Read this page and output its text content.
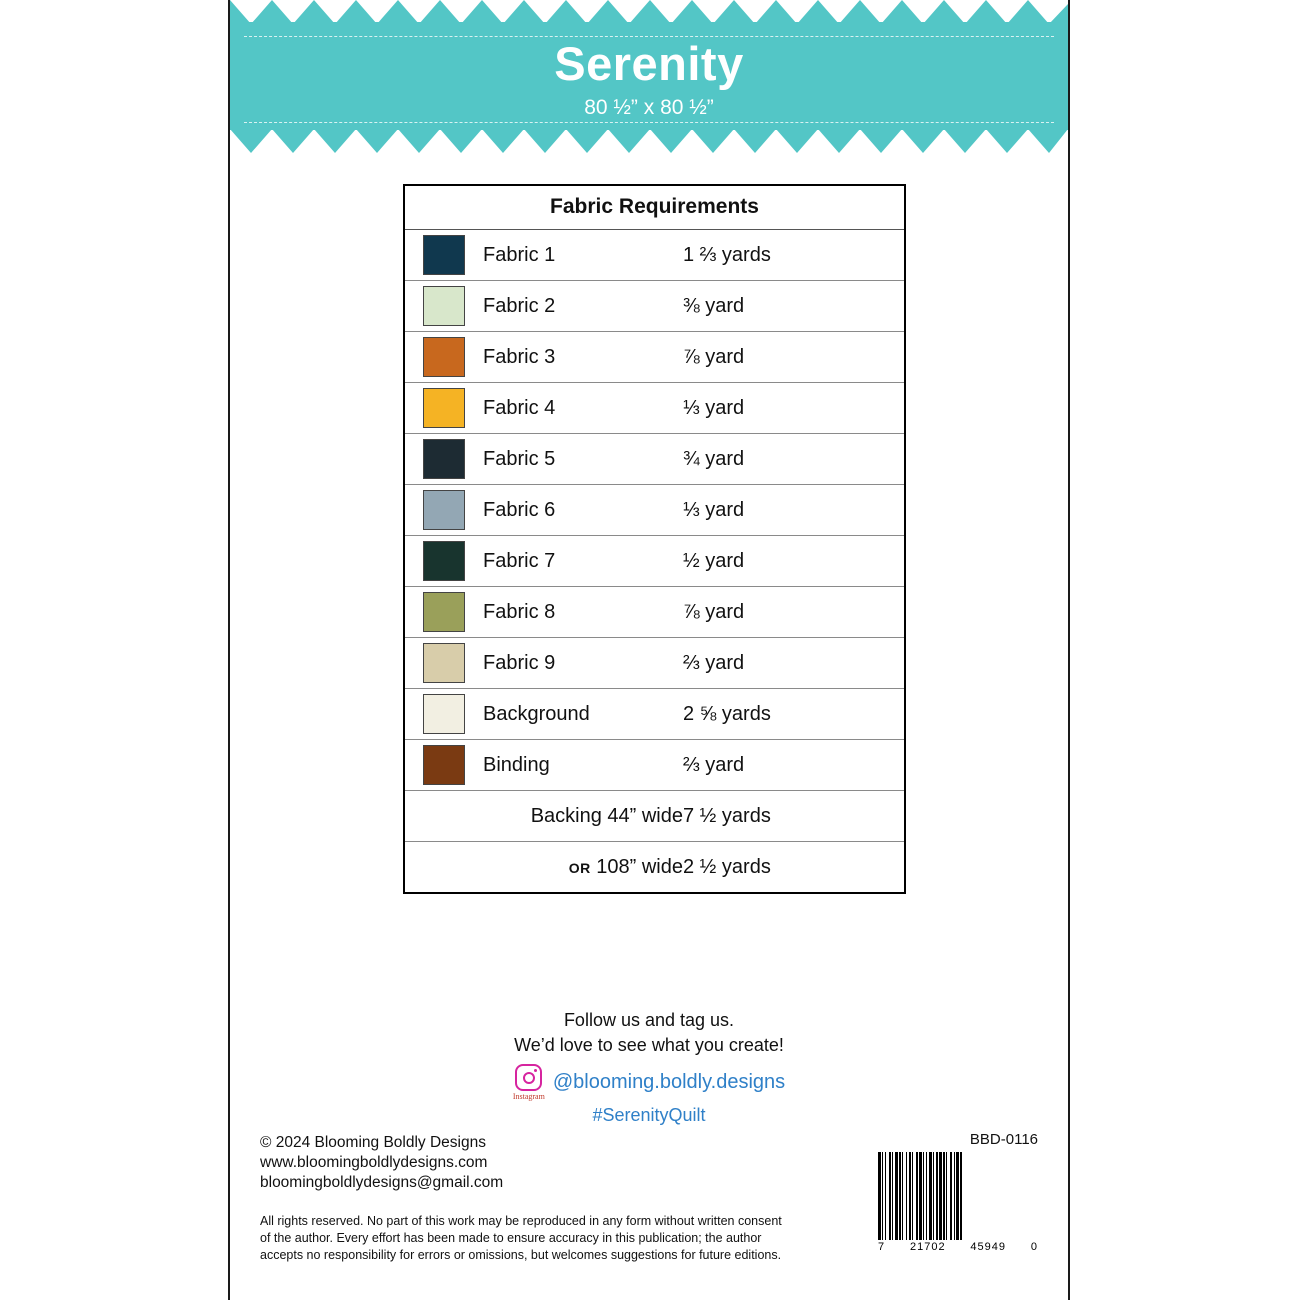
Serenity
80 ½” x 80 ½”
Fabric Requirements		
	Fabric 1	1 ⅔ yards
	Fabric 2	⅜ yard
	Fabric 3	⅞ yard
	Fabric 4	⅓ yard
	Fabric 5	¾ yard
	Fabric 6	⅓ yard
	Fabric 7	½ yard
	Fabric 8	⅞ yard
	Fabric 9	⅔ yard
	Background	2 ⅝ yards
	Binding	⅔ yard
Backing 44” wide		7 ½ yards
OR 108” wide		2 ½ yards
Follow us and tag us.
We’d love to see what you create!
Instagram
@blooming.boldly.designs
#SerenityQuilt
© 2024 Blooming Boldly Designs
www.bloomingboldlydesigns.com
bloomingboldlydesigns@gmail.com
All rights reserved. No part of this work may be reproduced in any form without written consent
of the author. Every effort has been made to ensure accuracy in this publication; the author
accepts no responsibility for errors or omissions, but welcomes suggestions for future editions.
BBD-0116
7 21702 45949 0
